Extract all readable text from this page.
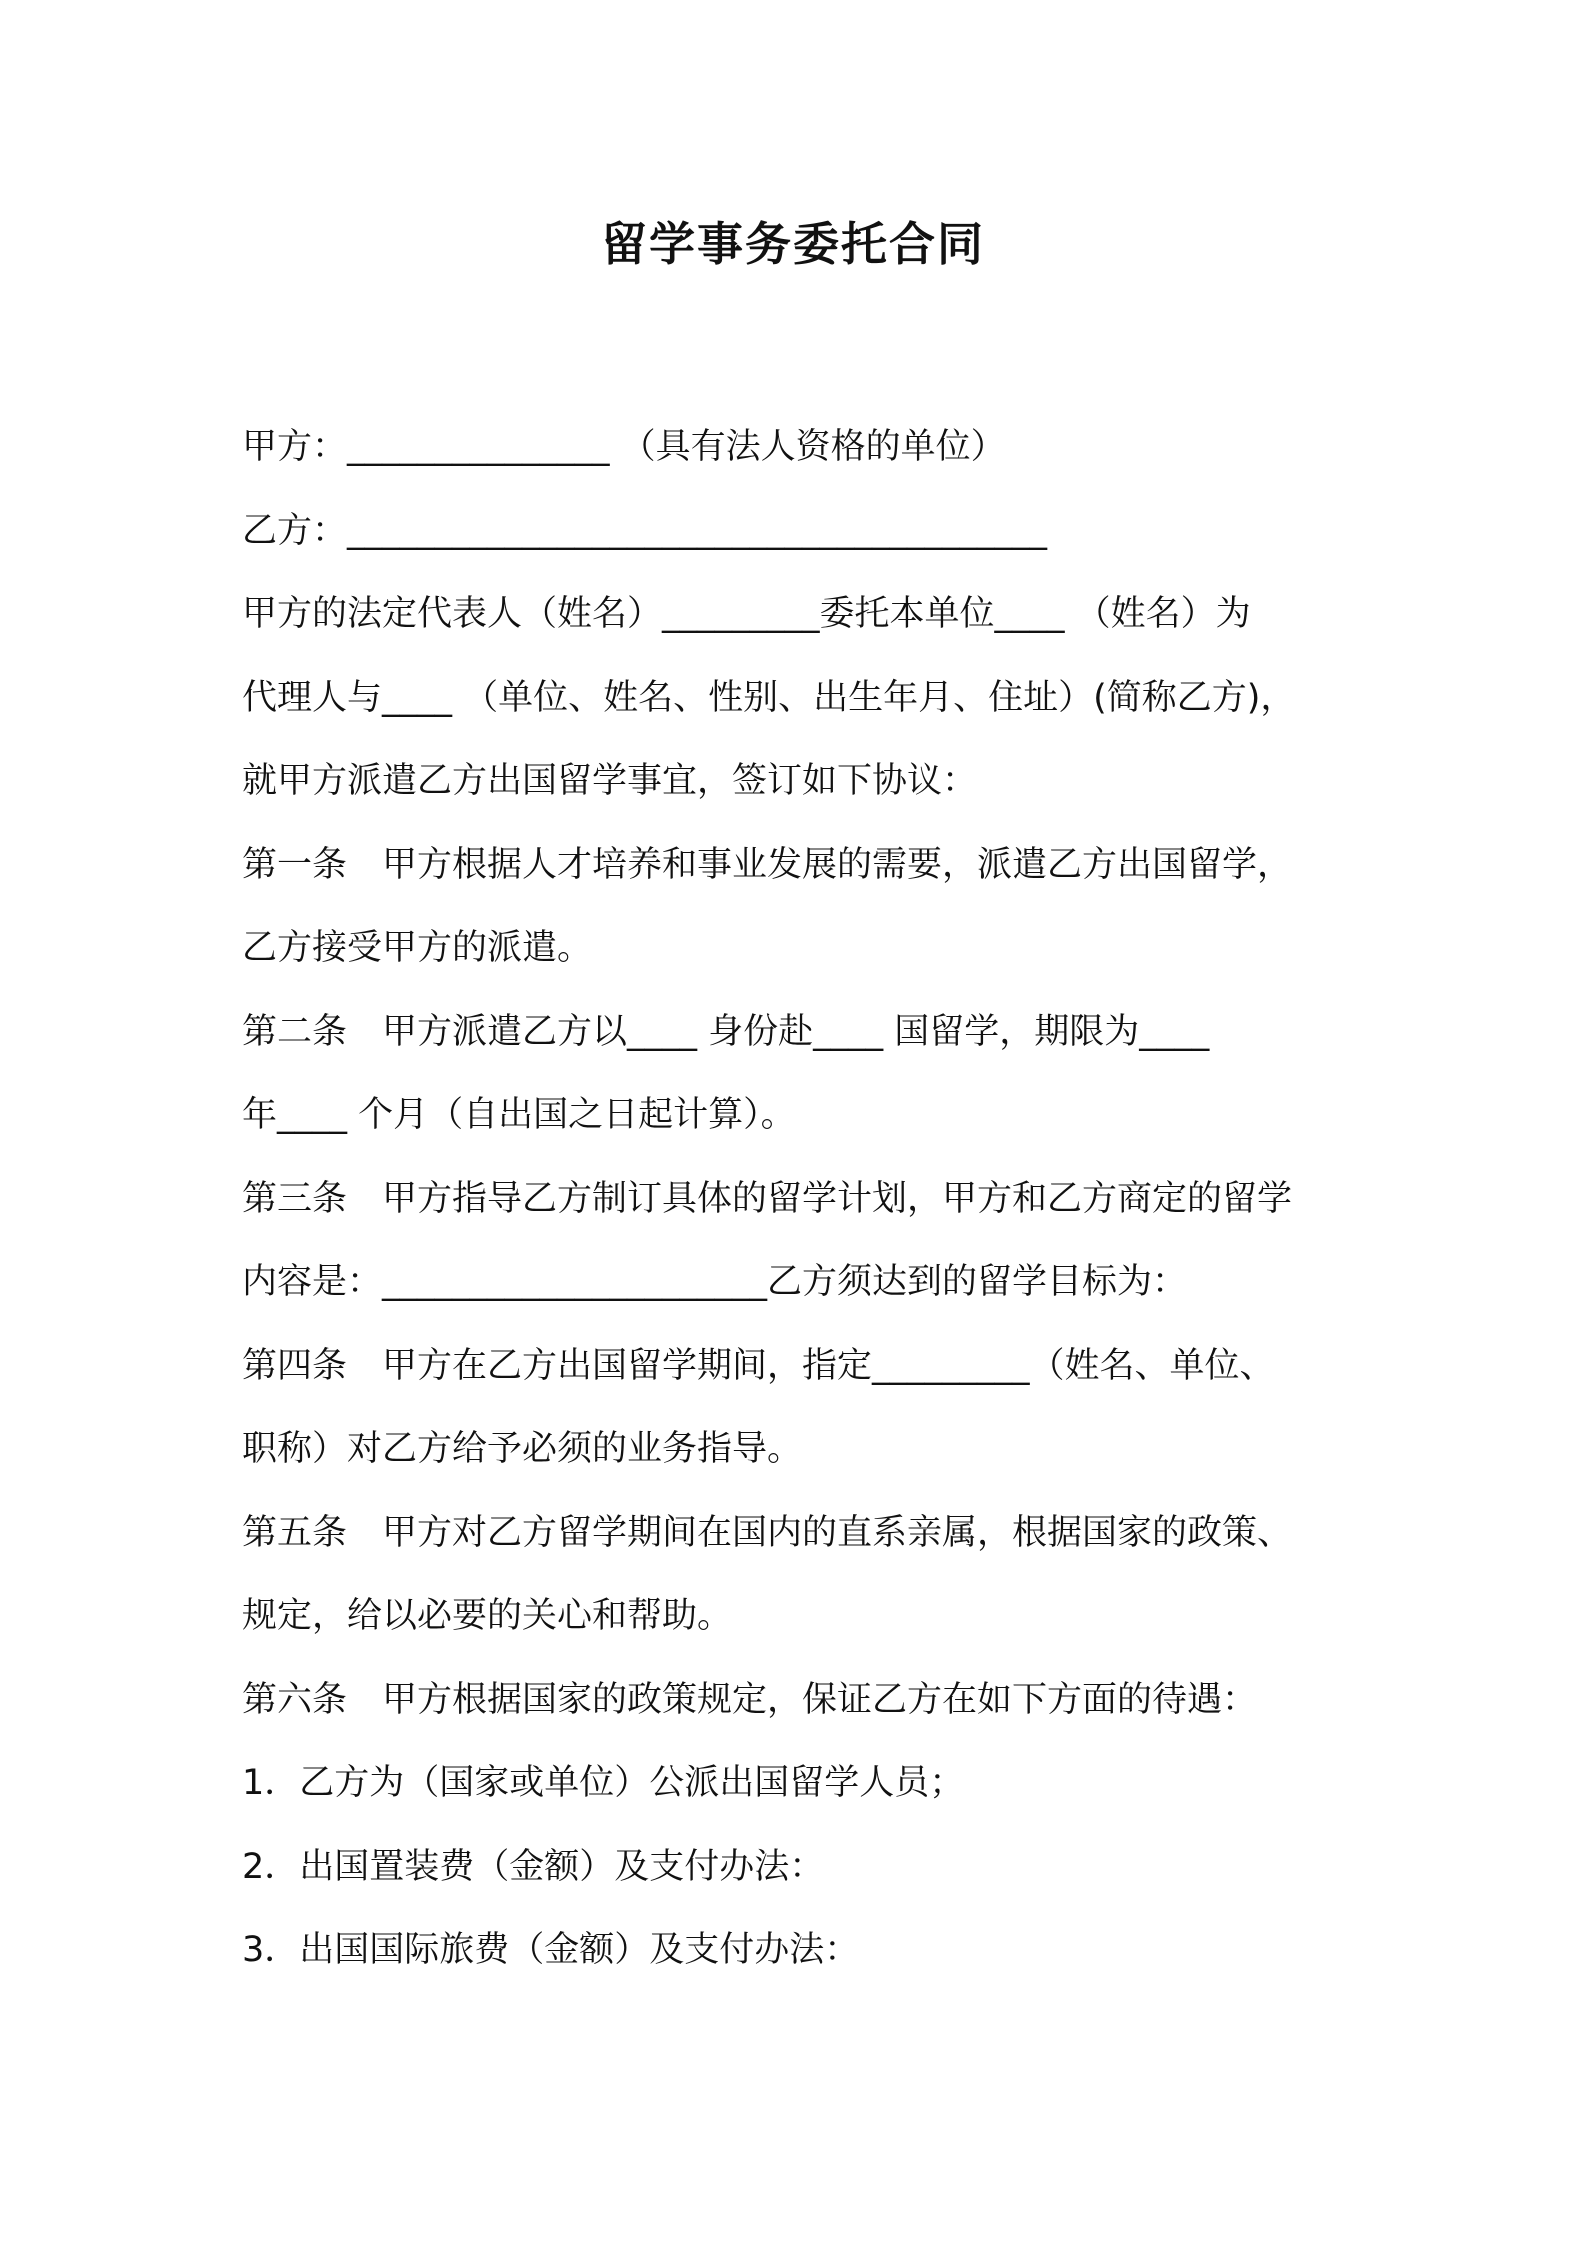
留学事务委托合同
甲方：_______________ （具有法人资格的单位）
乙方：________________________________________
甲方的法定代表人（姓名）_________委托本单位____ （姓名）为
代理人与____ （单位、姓名、性别、出生年月、住址）(简称乙方)，
就甲方派遣乙方出国留学事宜，签订如下协议：
第一条　甲方根据人才培养和事业发展的需要，派遣乙方出国留学，
乙方接受甲方的派遣。
第二条　甲方派遣乙方以____ 身份赴____ 国留学，期限为____
年____ 个月（自出国之日起计算）。
第三条　甲方指导乙方制订具体的留学计划，甲方和乙方商定的留学
内容是：______________________乙方须达到的留学目标为：
第四条　甲方在乙方出国留学期间，指定_________（姓名、单位、
职称）对乙方给予必须的业务指导。
第五条　甲方对乙方留学期间在国内的直系亲属，根据国家的政策、
规定，给以必要的关心和帮助。
第六条　甲方根据国家的政策规定，保证乙方在如下方面的待遇：
1．乙方为（国家或单位）公派出国留学人员；
2．出国置装费（金额）及支付办法：
3．出国国际旅费（金额）及支付办法：
